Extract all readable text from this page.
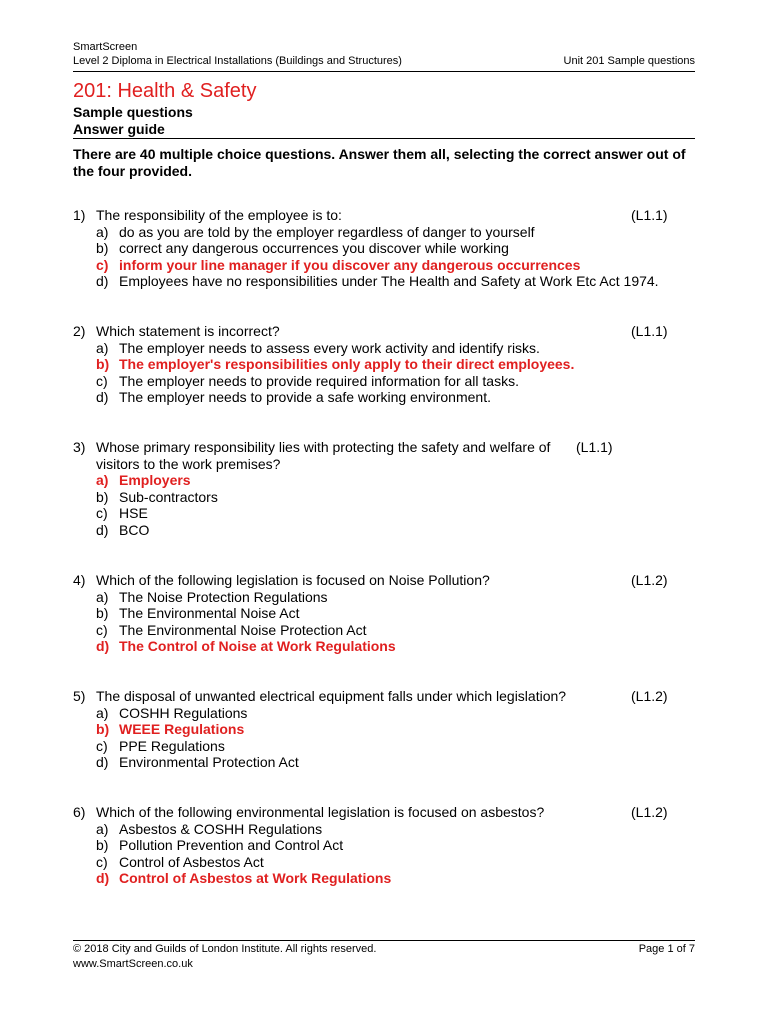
SmartScreen
Level 2 Diploma in Electrical Installations (Buildings and Structures)	Unit 201 Sample questions
201: Health & Safety
Sample questions
Answer guide
There are 40 multiple choice questions. Answer them all, selecting the correct answer out of the four provided.
1) The responsibility of the employee is to:	(L1.1)
a) do as you are told by the employer regardless of danger to yourself
b) correct any dangerous occurrences you discover while working
c) inform your line manager if you discover any dangerous occurrences
d) Employees have no responsibilities under The Health and Safety at Work Etc Act 1974.
2) Which statement is incorrect?	(L1.1)
a) The employer needs to assess every work activity and identify risks.
b) The employer's responsibilities only apply to their direct employees.
c) The employer needs to provide required information for all tasks.
d) The employer needs to provide a safe working environment.
3) Whose primary responsibility lies with protecting the safety and welfare of visitors to the work premises?
(L1.1)
a) Employers
b) Sub-contractors
c) HSE
d) BCO
4) Which of the following legislation is focused on Noise Pollution?	(L1.2)
a) The Noise Protection Regulations
b) The Environmental Noise Act
c) The Environmental Noise Protection Act
d) The Control of Noise at Work Regulations
5) The disposal of unwanted electrical equipment falls under which legislation?	(L1.2)
a) COSHH Regulations
b) WEEE Regulations
c) PPE Regulations
d) Environmental Protection Act
6) Which of the following environmental legislation is focused on asbestos?	(L1.2)
a) Asbestos & COSHH Regulations
b) Pollution Prevention and Control Act
c) Control of Asbestos Act
d) Control of Asbestos at Work Regulations
© 2018 City and Guilds of London Institute. All rights reserved.	Page 1 of 7
www.SmartScreen.co.uk
